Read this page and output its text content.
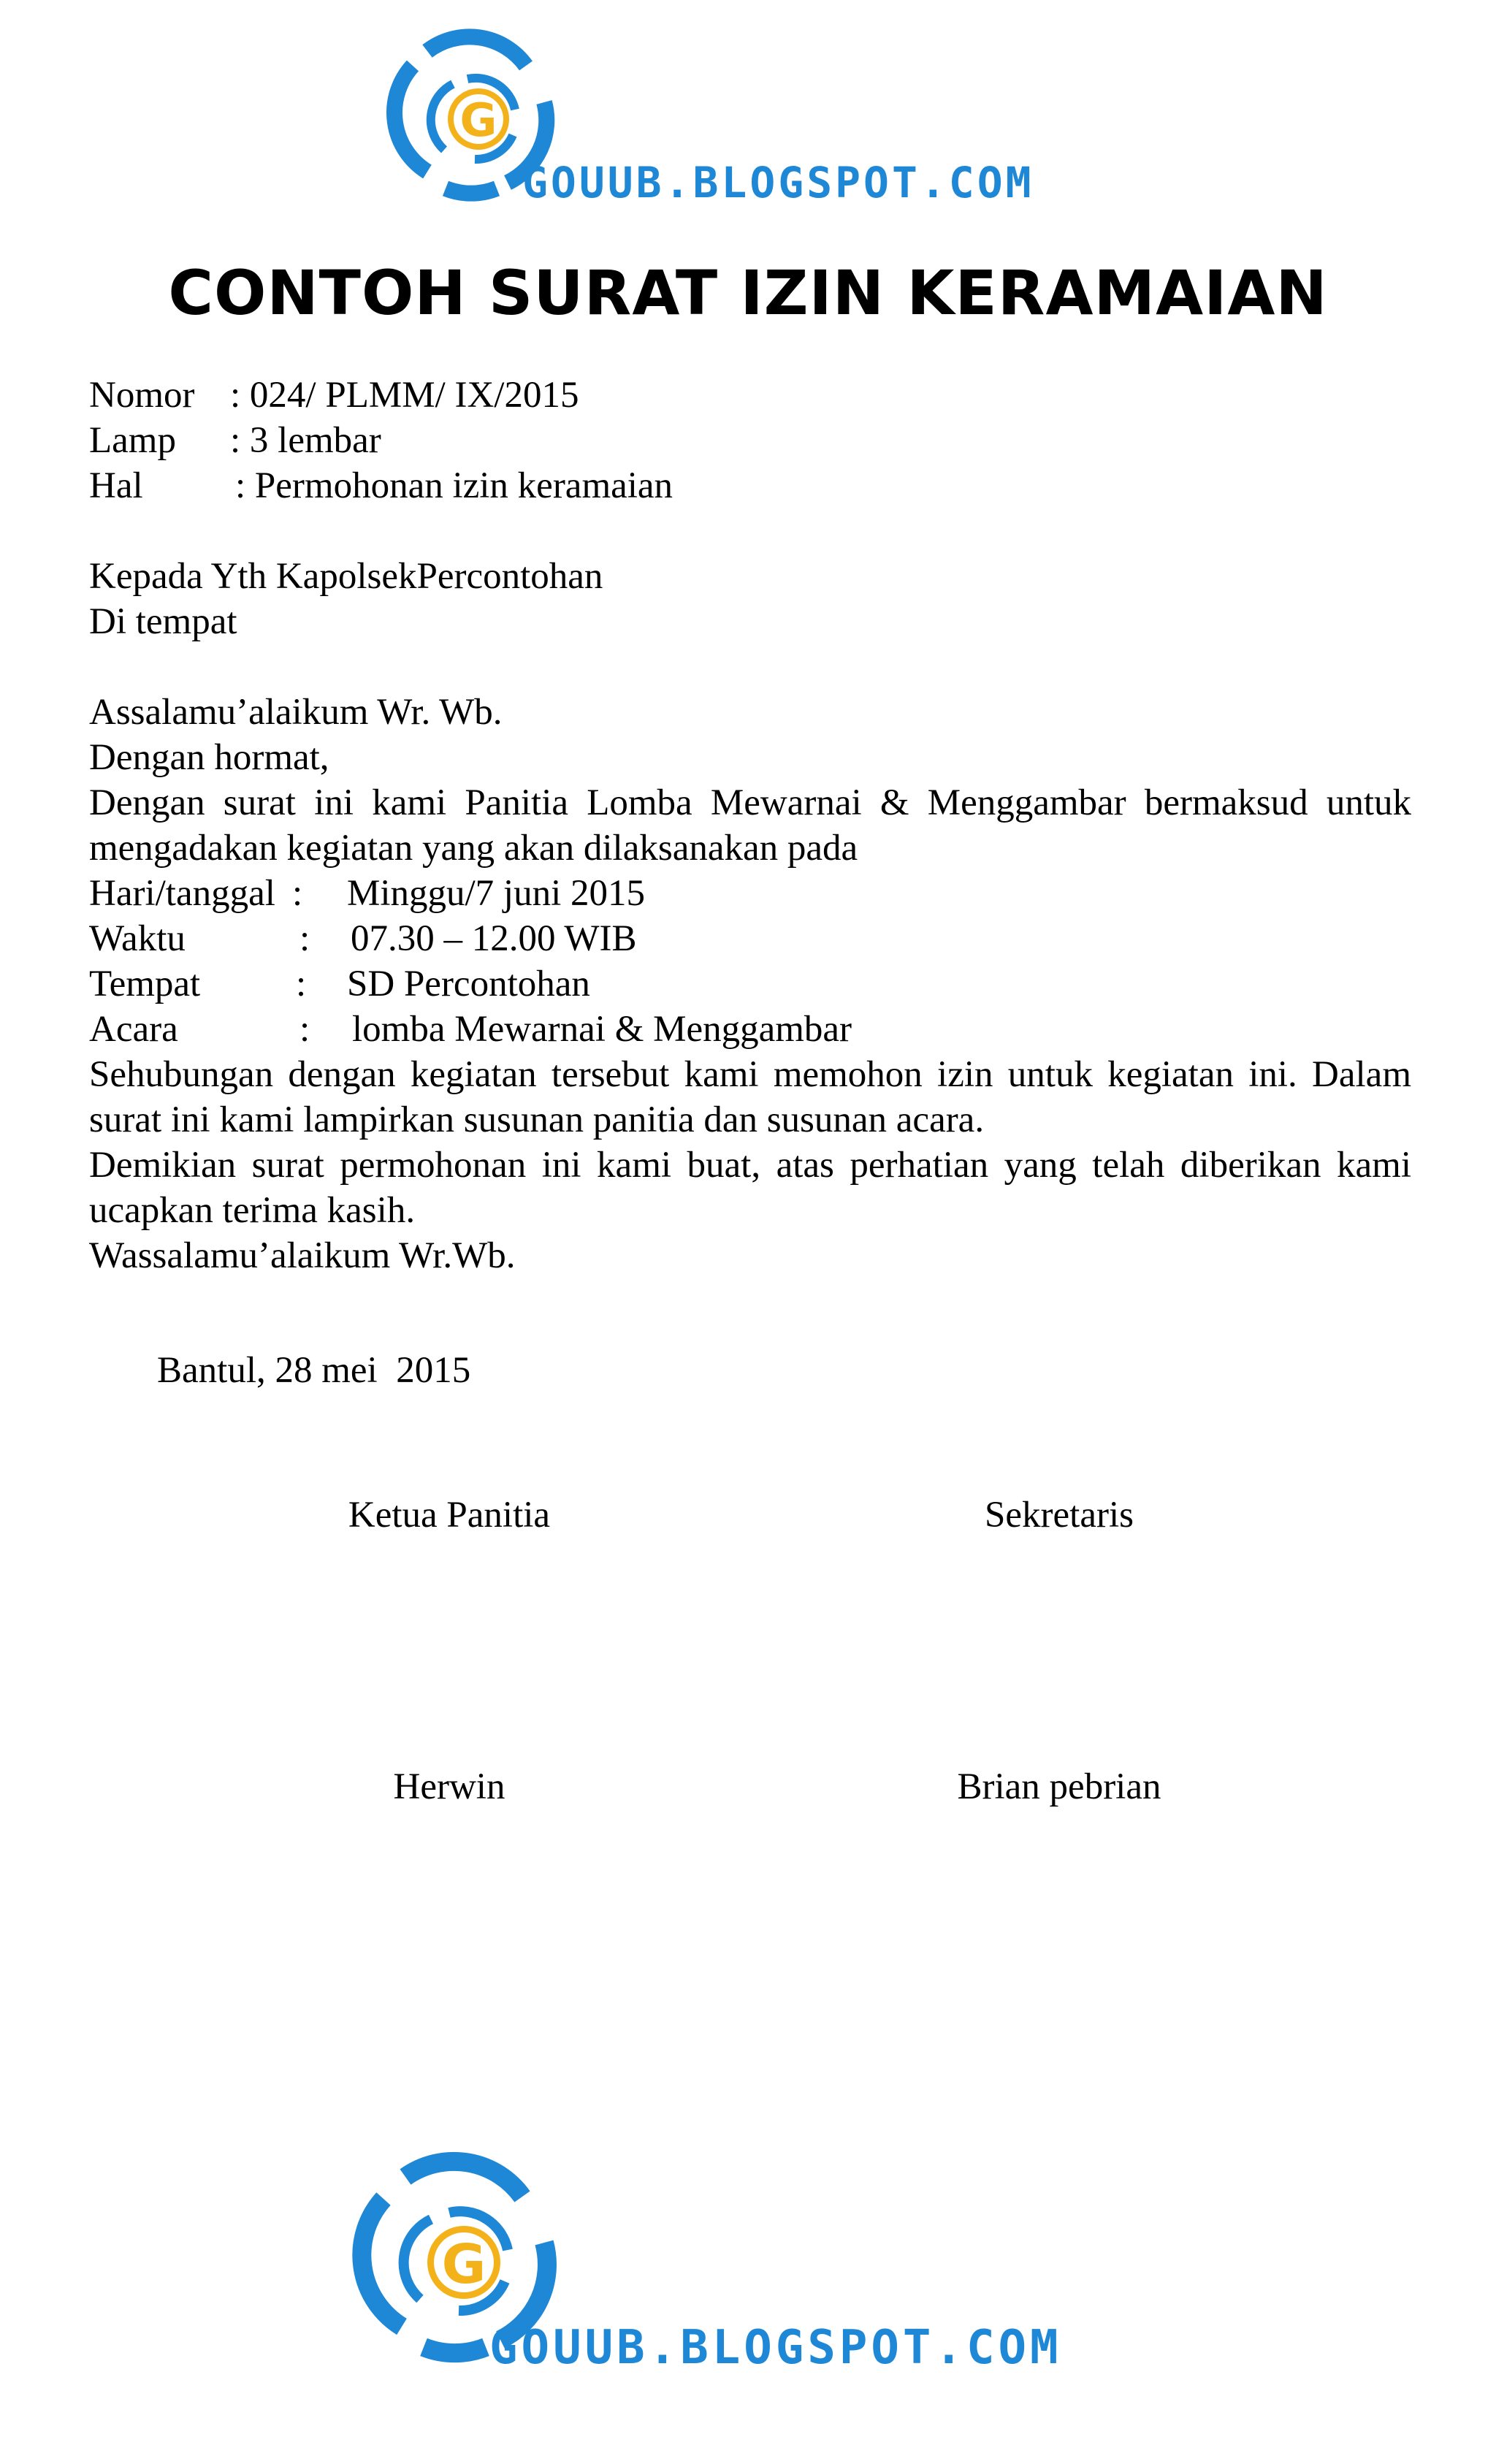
G
GOUUB.BLOGSPOT.COM
CONTOH SURAT IZIN KERAMAIAN
Nomor : 024/ PLMM/ IX/2015
Lamp : 3 lembar
Hal : Permohonan izin keramaian
Kepada Yth KapolsekPercontohan
Di tempat
Assalamu’alaikum Wr. Wb.
Dengan hormat,
Dengan surat ini kami Panitia Lomba Mewarnai & Menggambar bermaksud untuk mengadakan kegiatan yang akan dilaksanakan pada
Hari/tanggal : Minggu/7 juni 2015
Waktu	: 07.30 – 12.00 WIB
Tempat	: SD Percontohan
Acara	: lomba Mewarnai & Menggambar
Sehubungan dengan kegiatan tersebut kami memohon izin untuk kegiatan ini. Dalam surat ini kami lampirkan susunan panitia dan susunan acara.
Demikian surat permohonan ini kami buat, atas perhatian yang telah diberikan kami ucapkan terima kasih.
Wassalamu’alaikum Wr.Wb.
Bantul, 28 mei  2015
Ketua Panitia	Sekretaris
Herwin	Brian pebrian
G
GOUUB.BLOGSPOT.COM
